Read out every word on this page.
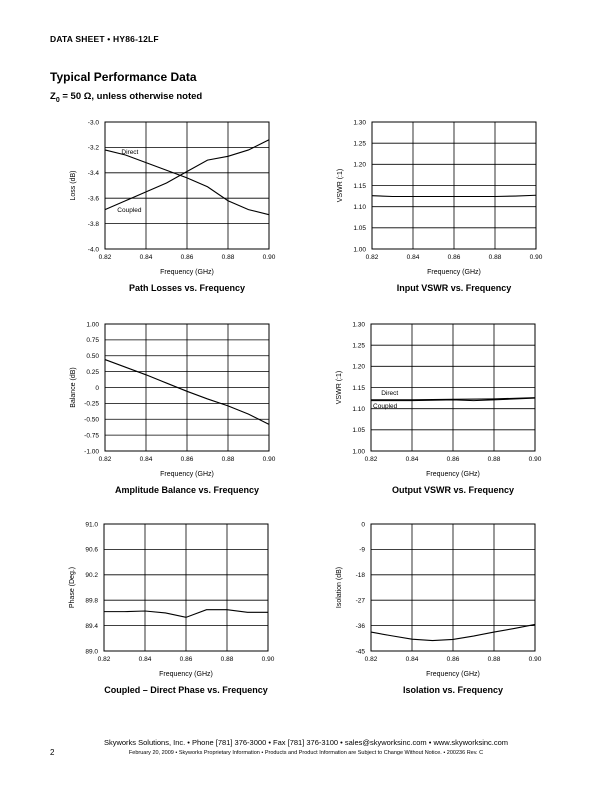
DATA SHEET • HY86-12LF
Typical Performance Data
$Z_0 = 50$ Ω, unless otherwise noted
0.82	0.84	0.86	0.88	0.90
-4.0
-3.8
-3.6
-3.4
-3.2
-3.0
Frequency (GHz)
Loss (dB)
Direct
Coupled
Path Losses vs. Frequency
0.82	0.84	0.86	0.88	0.90
1.00
1.05
1.10
1.15
1.20
1.25
1.30
Frequency (GHz)
VSWR (:1)
Input VSWR vs. Frequency
0.82	0.84	0.86	0.88	0.90
-1.00
-0.75
-0.50
-0.25
0
0.25
0.50
0.75
1.00
Frequency (GHz)
Balance (dB)
Amplitude Balance vs. Frequency
0.82	0.84	0.86	0.88	0.90
1.00
1.05
1.10
1.15
1.20
1.25
1.30
Frequency (GHz)
VSWR (:1)	Direct
Coupled
Output VSWR vs. Frequency
0.82	0.84	0.86	0.88	0.90
89.0
89.4
89.8
90.2
90.6
91.0
Frequency (GHz)
Phase (Deg.)
Coupled – Direct Phase vs. Frequency
0.82	0.84	0.86	0.88	0.90
-45
-36
-27
-18
-9
0
Frequency (GHz)
Isolation (dB)
Isolation vs. Frequency
2
Skyworks Solutions, Inc. • Phone [781] 376-3000 • Fax [781] 376-3100 • sales@skyworksinc.com • www.skyworksinc.com
February 20, 2009 • Skyworks Proprietary Information • Products and Product Information are Subject to Change Without Notice. • 200236 Rev. C
